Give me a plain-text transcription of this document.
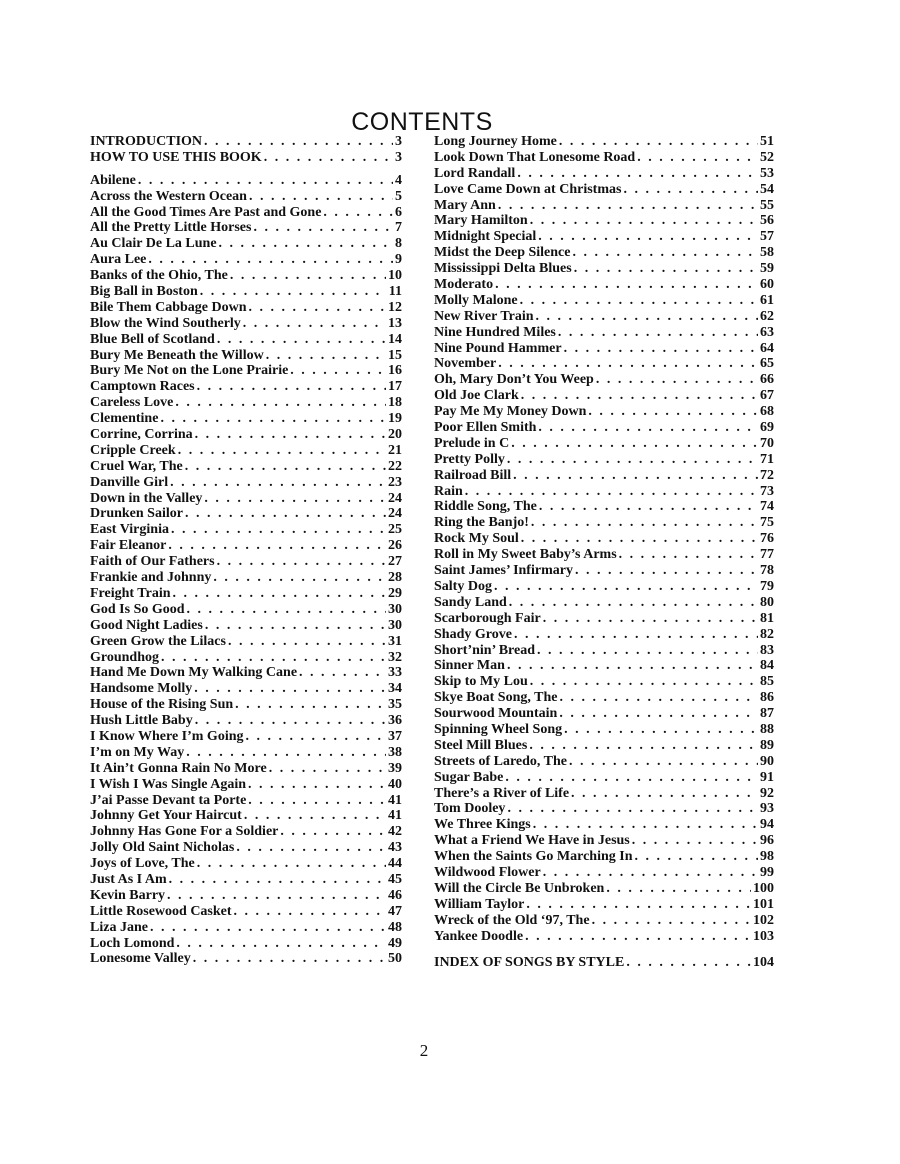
CONTENTS
INTRODUCTION . . .	3
HOW TO USE THIS BOOK . . .	3
Abilene . . .	4
Across the Western Ocean . . .	5
All the Good Times Are Past and Gone . . .	6
All the Pretty Little Horses . . .	7
Au Clair De La Lune . . .	8
Aura Lee . . .	9
Banks of the Ohio, The . . .	10
Big Ball in Boston . . .	11
Bile Them Cabbage Down . . .	12
Blow the Wind Southerly . . .	13
Blue Bell of Scotland . . .	14
Bury Me Beneath the Willow . . .	15
Bury Me Not on the Lone Prairie . . .	16
Camptown Races . . .	17
Careless Love . . .	18
Clementine . . .	19
Corrine, Corrina . . .	20
Cripple Creek . . .	21
Cruel War, The . . .	22
Danville Girl . . .	23
Down in the Valley . . .	24
Drunken Sailor . . .	24
East Virginia . . .	25
Fair Eleanor . . .	26
Faith of Our Fathers . . .	27
Frankie and Johnny . . .	28
Freight Train . . .	29
God Is So Good . . .	30
Good Night Ladies . . .	30
Green Grow the Lilacs . . .	31
Groundhog . . .	32
Hand Me Down My Walking Cane . . .	33
Handsome Molly . . .	34
House of the Rising Sun . . .	35
Hush Little Baby . . .	36
I Know Where I’m Going . . .	37
I’m on My Way . . .	38
It Ain’t Gonna Rain No More . . .	39
I Wish I Was Single Again . . .	40
J’ai Passe Devant ta Porte . . .	41
Johnny Get Your Haircut . . .	41
Johnny Has Gone For a Soldier . . .	42
Jolly Old Saint Nicholas . . .	43
Joys of Love, The . . .	44
Just As I Am . . .	45
Kevin Barry . . .	46
Little Rosewood Casket . . .	47
Liza Jane . . .	48
Loch Lomond . . .	49
Lonesome Valley . . .	50
Long Journey Home . . .	51
Look Down That Lonesome Road . . .	52
Lord Randall . . .	53
Love Came Down at Christmas . . .	54
Mary Ann . . .	55
Mary Hamilton . . .	56
Midnight Special . . .	57
Midst the Deep Silence . . .	58
Mississippi Delta Blues . . .	59
Moderato . . .	60
Molly Malone . . .	61
New River Train . . .	62
Nine Hundred Miles . . .	63
Nine Pound Hammer . . .	64
November . . .	65
Oh, Mary Don’t You Weep . . .	66
Old Joe Clark . . .	67
Pay Me My Money Down . . .	68
Poor Ellen Smith . . .	69
Prelude in C . . .	70
Pretty Polly . . .	71
Railroad Bill . . .	72
Rain . . .	73
Riddle Song, The . . .	74
Ring the Banjo! . . .	75
Rock My Soul . . .	76
Roll in My Sweet Baby’s Arms . . .	77
Saint James’ Infirmary . . .	78
Salty Dog . . .	79
Sandy Land . . .	80
Scarborough Fair . . .	81
Shady Grove . . .	82
Short’nin’ Bread . . .	83
Sinner Man . . .	84
Skip to My Lou . . .	85
Skye Boat Song, The . . .	86
Sourwood Mountain . . .	87
Spinning Wheel Song . . .	88
Steel Mill Blues . . .	89
Streets of Laredo, The . . .	90
Sugar Babe . . .	91
There’s a River of Life . . .	92
Tom Dooley . . .	93
We Three Kings . . .	94
What a Friend We Have in Jesus . . .	96
When the Saints Go Marching In . . .	98
Wildwood Flower . . .	99
Will the Circle Be Unbroken . . .	100
William Taylor . . .	101
Wreck of the Old ‘97, The . . .	102
Yankee Doodle . . .	103
INDEX OF SONGS BY STYLE . . .	104
2
